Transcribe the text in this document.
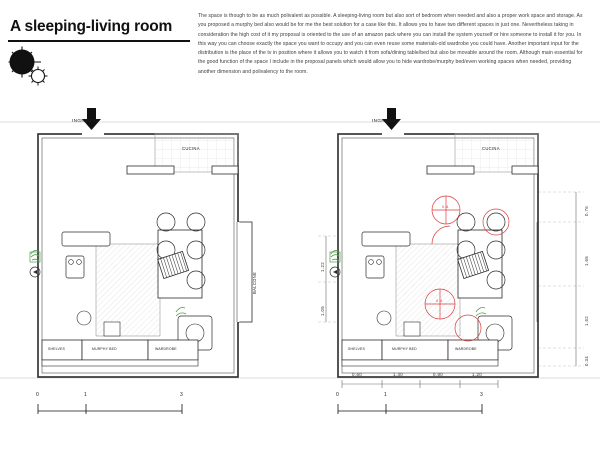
A sleeping-living room
The space is though to be as much polivalent as possible. A sleeping-living room but also sort of bedroom when needed and also a proper work space and storage. As you proposed a murphy bed also would be for me the best solution for a case like this. It allows you to have two different spaces in just one. Nevertheless taking in consideration the high cost of it my proposal is oriented to the use of an amazon pack where you can install the system yourself or hire someone to install it for you. In this way you can choose exactly the space you want to occupy and you can even reuse some materials-old wardrobe you could have. Another important input for the distribution is the place of the tv in position where it allows you to watch it from sofa/dining table/bed but also be movable around the room. Although main essential for the good function of the space I include in the proposal panels which would allow you to hide wardrobe/murphy bed/even working spaces when needed, providing another dimension and polivalency to the room.
INGRESSO
CUCINA
BALCONE
SHELVES	MURPHY BED	WARDROBE
0	1	3
INGRESSO
CUCINA
SHELVES	MURPHY BED	WARDROBE
0.76
1.65
1.62
0.34
1.22
1.05
0.60	1.40	0.80	1.20
0.4
0.4
0	1	3
